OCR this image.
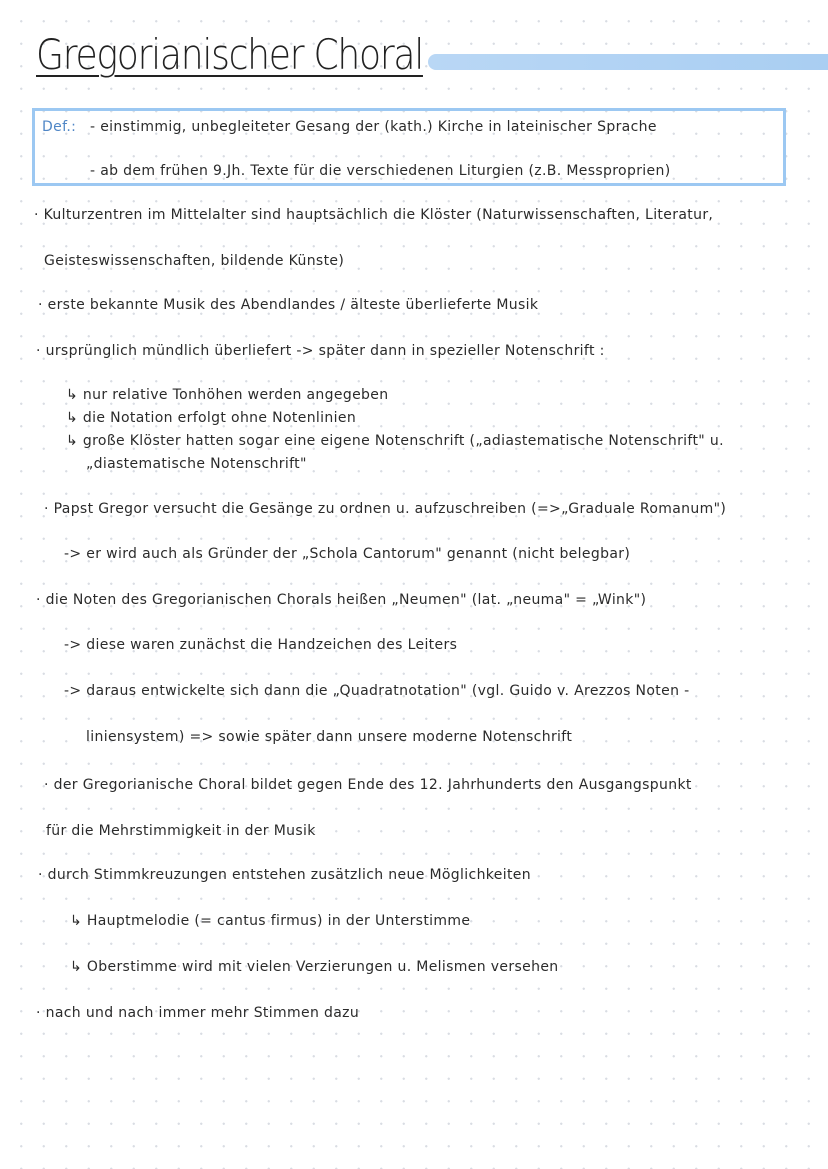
Gregorianischer Choral
Def.: - einstimmig, unbegleiteter Gesang der (kath.) Kirche in lateinischer Sprache
- ab dem frühen 9.Jh. Texte für die verschiedenen Liturgien (z.B. Messproprien)
· Kulturzentren im Mittelalter sind hauptsächlich die Klöster (Naturwissenschaften, Literatur,
Geisteswissenschaften, bildende Künste)
· erste bekannte Musik des Abendlandes / älteste überlieferte Musik
· ursprünglich mündlich überliefert -> später dann in spezieller Notenschrift :
↳ nur relative Tonhöhen werden angegeben
↳ die Notation erfolgt ohne Notenlinien
↳ große Klöster hatten sogar eine eigene Notenschrift („adiastematische Notenschrift" u.
„diastematische Notenschrift"
· Papst Gregor versucht die Gesänge zu ordnen u. aufzuschreiben (=>„Graduale Romanum")
-> er wird auch als Gründer der „Schola Cantorum" genannt (nicht belegbar)
· die Noten des Gregorianischen Chorals heißen „Neumen" (lat. „neuma" = „Wink")
-> diese waren zunächst die Handzeichen des Leiters
-> daraus entwickelte sich dann die „Quadratnotation" (vgl. Guido v. Arezzos Noten -
liniensystem) => sowie später dann unsere moderne Notenschrift
· der Gregorianische Choral bildet gegen Ende des 12. Jahrhunderts den Ausgangspunkt
für die Mehrstimmigkeit in der Musik
· durch Stimmkreuzungen entstehen zusätzlich neue Möglichkeiten
↳ Hauptmelodie (= cantus firmus) in der Unterstimme
↳ Oberstimme wird mit vielen Verzierungen u. Melismen versehen
· nach und nach immer mehr Stimmen dazu
